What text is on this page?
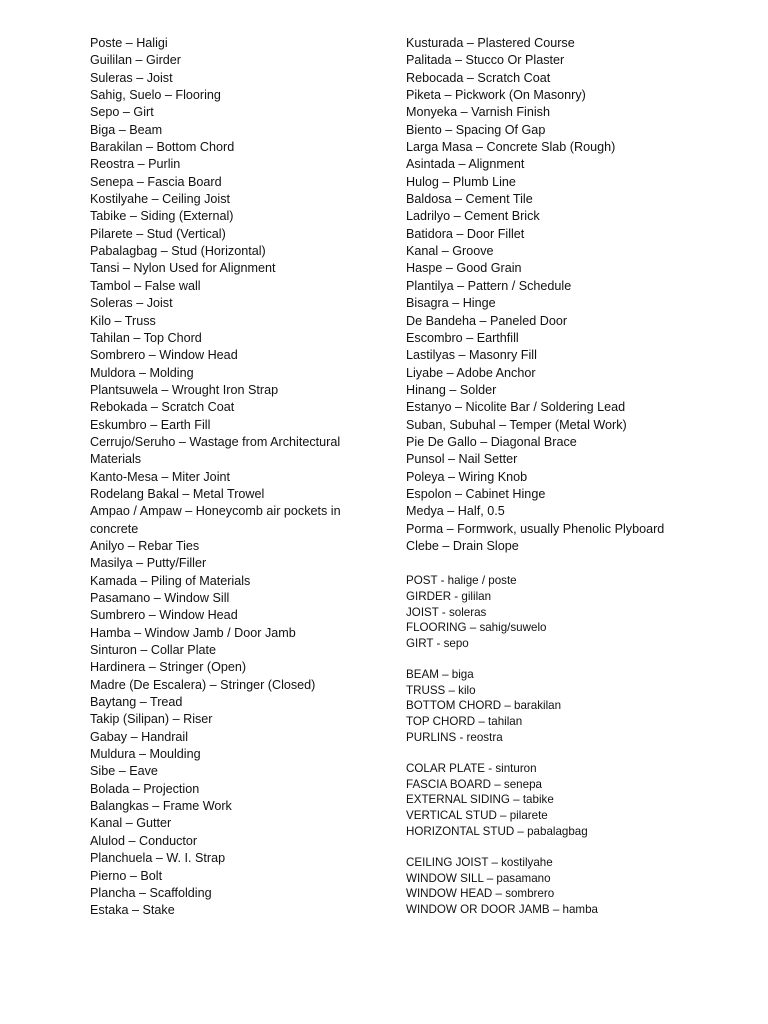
Poste – Haligi
Guililan – Girder
Suleras – Joist
Sahig, Suelo – Flooring
Sepo – Girt
Biga – Beam
Barakilan – Bottom Chord
Reostra – Purlin
Senepa – Fascia Board
Kostilyahe – Ceiling Joist
Tabike – Siding (External)
Pilarete – Stud (Vertical)
Pabalagbag – Stud (Horizontal)
Tansi – Nylon Used for Alignment
Tambol – False wall
Soleras – Joist
Kilo – Truss
Tahilan – Top Chord
Sombrero – Window Head
Muldora – Molding
Plantsuwela – Wrought Iron Strap
Rebokada – Scratch Coat
Eskumbro – Earth Fill
Cerrujo/Seruho – Wastage from Architectural Materials
Kanto-Mesa – Miter Joint
Rodelang Bakal – Metal Trowel
Ampao / Ampaw – Honeycomb air pockets in concrete
Anilyo – Rebar Ties
Masilya – Putty/Filler
Kamada – Piling of Materials
Pasamano – Window Sill
Sumbrero – Window Head
Hamba – Window Jamb / Door Jamb
Sinturon – Collar Plate
Hardinera – Stringer (Open)
Madre (De Escalera) – Stringer (Closed)
Baytang – Tread
Takip (Silipan) – Riser
Gabay – Handrail
Muldura – Moulding
Sibe – Eave
Bolada – Projection
Balangkas – Frame Work
Kanal – Gutter
Alulod – Conductor
Planchuela – W. I. Strap
Pierno – Bolt
Plancha – Scaffolding
Estaka – Stake
Kusturada – Plastered Course
Palitada – Stucco Or Plaster
Rebocada – Scratch Coat
Piketa – Pickwork (On Masonry)
Monyeka – Varnish Finish
Biento – Spacing Of Gap
Larga Masa – Concrete Slab (Rough)
Asintada – Alignment
Hulog – Plumb Line
Baldosa – Cement Tile
Ladrilyo – Cement Brick
Batidora – Door Fillet
Kanal – Groove
Haspe – Good Grain
Plantilya – Pattern / Schedule
Bisagra – Hinge
De Bandeha – Paneled Door
Escombro – Earthfill
Lastilyas – Masonry Fill
Liyabe – Adobe Anchor
Hinang – Solder
Estanyo – Nicolite Bar / Soldering Lead
Suban, Subuhal – Temper (Metal Work)
Pie De Gallo – Diagonal Brace
Punsol – Nail Setter
Poleya – Wiring Knob
Espolon – Cabinet Hinge
Medya – Half, 0.5
Porma – Formwork, usually Phenolic Plyboard
Clebe – Drain Slope
POST - halige / poste
GIRDER - gililan
JOIST - soleras
FLOORING – sahig/suwelo
GIRT - sepo
BEAM – biga
TRUSS – kilo
BOTTOM CHORD – barakilan
TOP CHORD – tahilan
PURLINS - reostra
COLAR PLATE - sinturon
FASCIA BOARD – senepa
EXTERNAL SIDING – tabike
VERTICAL STUD – pilarete
HORIZONTAL STUD – pabalagbag
CEILING JOIST – kostilyahe
WINDOW SILL – pasamano
WINDOW HEAD – sombrero
WINDOW OR DOOR JAMB – hamba
